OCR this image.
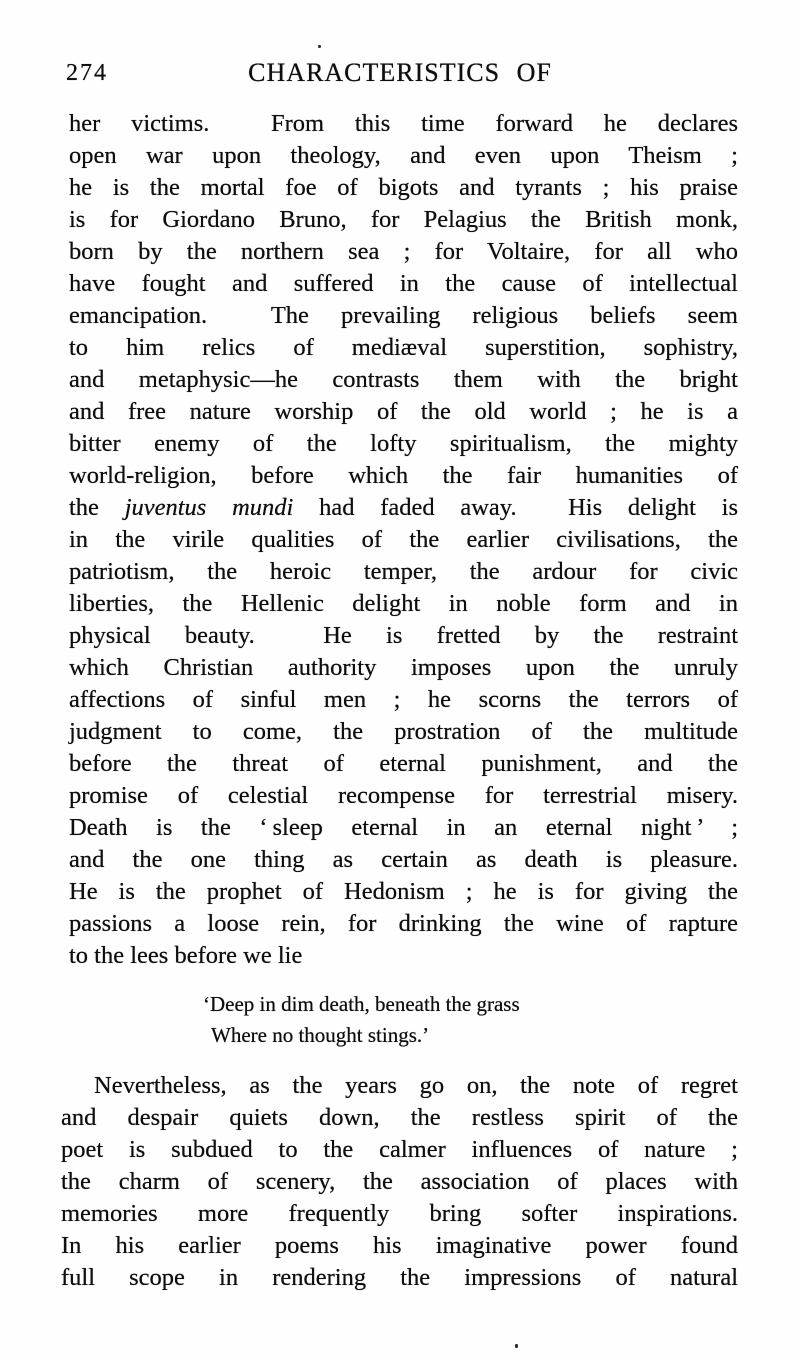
274	CHARACTERISTICS OF
her victims.  From this time forward he declares
open war upon theology, and even upon Theism ;
he is the mortal foe of bigots and tyrants ; his praise
is for Giordano Bruno, for Pelagius the British monk,
born by the northern sea ; for Voltaire, for all who
have fought and suffered in the cause of intellectual
emancipation.  The prevailing religious beliefs seem
to him relics of mediæval superstition, sophistry,
and metaphysic—he contrasts them with the bright
and free nature worship of the old world ; he is a
bitter enemy of the lofty spiritualism, the mighty
world-religion, before which the fair humanities of
the juventus mundi had faded away.  His delight is
in the virile qualities of the earlier civilisations, the
patriotism, the heroic temper, the ardour for civic
liberties, the Hellenic delight in noble form and in
physical beauty.  He is fretted by the restraint
which Christian authority imposes upon the unruly
affections of sinful men ; he scorns the terrors of
judgment to come, the prostration of the multitude
before the threat of eternal punishment, and the
promise of celestial recompense for terrestrial misery.
Death is the ‘ sleep eternal in an eternal night ’ ;
and the one thing as certain as death is pleasure.
He is the prophet of Hedonism ; he is for giving the
passions a loose rein, for drinking the wine of rapture
to the lees before we lie
‘Deep in dim death, beneath the grass
Where no thought stings.’
Nevertheless, as the years go on, the note of regret
and despair quiets down, the restless spirit of the
poet is subdued to the calmer influences of nature ;
the charm of scenery, the association of places with
memories more frequently bring softer inspirations.
In his earlier poems his imaginative power found
full scope in rendering the impressions of natural
